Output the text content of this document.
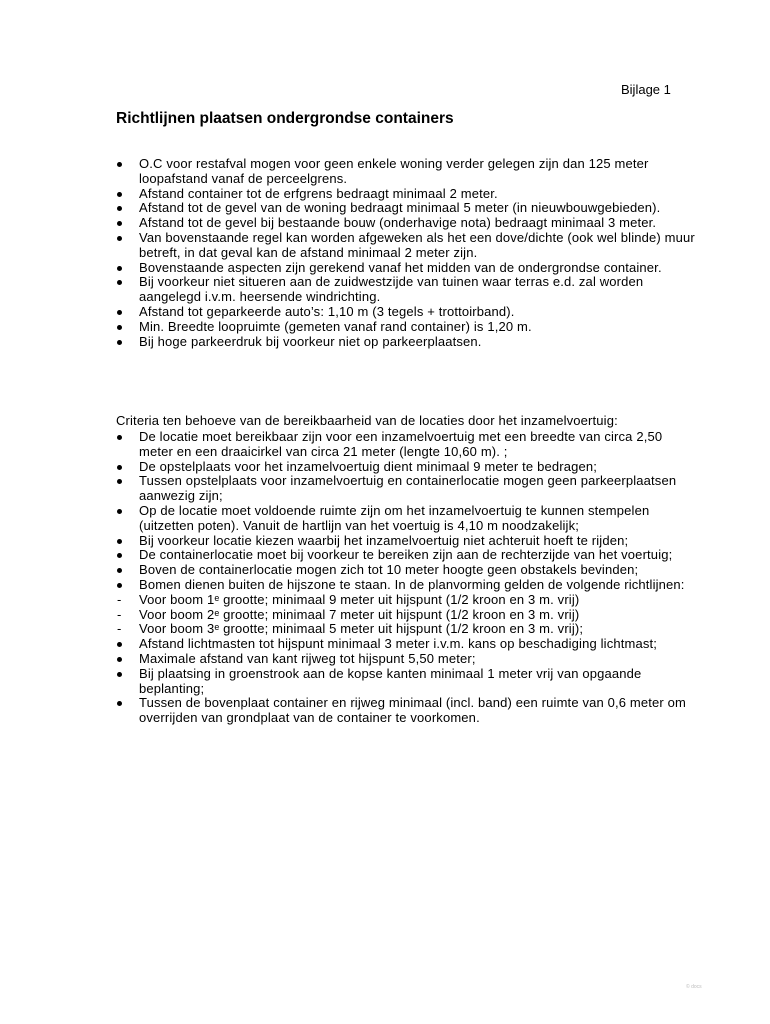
Bijlage 1
Richtlijnen plaatsen ondergrondse containers
O.C voor restafval mogen voor geen enkele woning verder gelegen zijn dan 125 meter loopafstand vanaf de perceelgrens.
Afstand container tot de erfgrens bedraagt minimaal 2 meter.
Afstand tot de gevel van de woning bedraagt minimaal 5 meter (in nieuwbouwgebieden).
Afstand tot de gevel bij bestaande bouw (onderhavige nota) bedraagt minimaal 3 meter.
Van bovenstaande regel kan worden afgeweken als het een dove/dichte (ook wel blinde) muur betreft, in dat geval kan de afstand minimaal 2 meter zijn.
Bovenstaande aspecten zijn gerekend vanaf het midden van de ondergrondse container.
Bij voorkeur niet situeren aan de zuidwestzijde van tuinen waar terras e.d. zal worden aangelegd i.v.m. heersende windrichting.
Afstand tot geparkeerde auto’s: 1,10 m (3 tegels + trottoirband).
Min. Breedte loopruimte (gemeten vanaf rand container) is 1,20 m.
Bij hoge parkeerdruk bij voorkeur niet op parkeerplaatsen.
Criteria ten behoeve van de bereikbaarheid van de locaties door het inzamelvoertuig:
De locatie moet bereikbaar zijn voor een inzamelvoertuig met een breedte van circa 2,50 meter en een draaicirkel van circa 21 meter (lengte 10,60 m). ;
De opstelplaats voor het inzamelvoertuig dient minimaal 9 meter te bedragen;
Tussen opstelplaats voor inzamelvoertuig en containerlocatie mogen geen parkeerplaatsen aanwezig zijn;
Op de locatie moet voldoende ruimte zijn om het inzamelvoertuig te kunnen stempelen (uitzetten poten). Vanuit de hartlijn van het voertuig is 4,10 m noodzakelijk;
Bij voorkeur locatie kiezen waarbij het inzamelvoertuig niet achteruit hoeft te rijden;
De containerlocatie moet bij voorkeur te bereiken zijn aan de rechterzijde van het voertuig;
Boven de containerlocatie mogen zich tot 10 meter hoogte geen obstakels bevinden;
Bomen dienen buiten de hijszone te staan. In de planvorming gelden de volgende richtlijnen:
Voor boom 1ᵉ grootte; minimaal 9 meter uit hijspunt (1/2 kroon en 3 m. vrij)
Voor boom 2ᵉ grootte; minimaal 7 meter uit hijspunt (1/2 kroon en 3 m. vrij)
Voor boom 3ᵉ grootte; minimaal 5 meter uit hijspunt (1/2 kroon en 3 m. vrij);
Afstand lichtmasten tot hijspunt minimaal 3 meter i.v.m. kans op beschadiging lichtmast;
Maximale afstand van kant rijweg tot hijspunt 5,50 meter;
Bij plaatsing in groenstrook aan de kopse kanten minimaal 1 meter vrij van opgaande beplanting;
Tussen de bovenplaat container en rijweg minimaal (incl. band) een ruimte van 0,6 meter om overrijden van grondplaat van de container te voorkomen.
© docs
